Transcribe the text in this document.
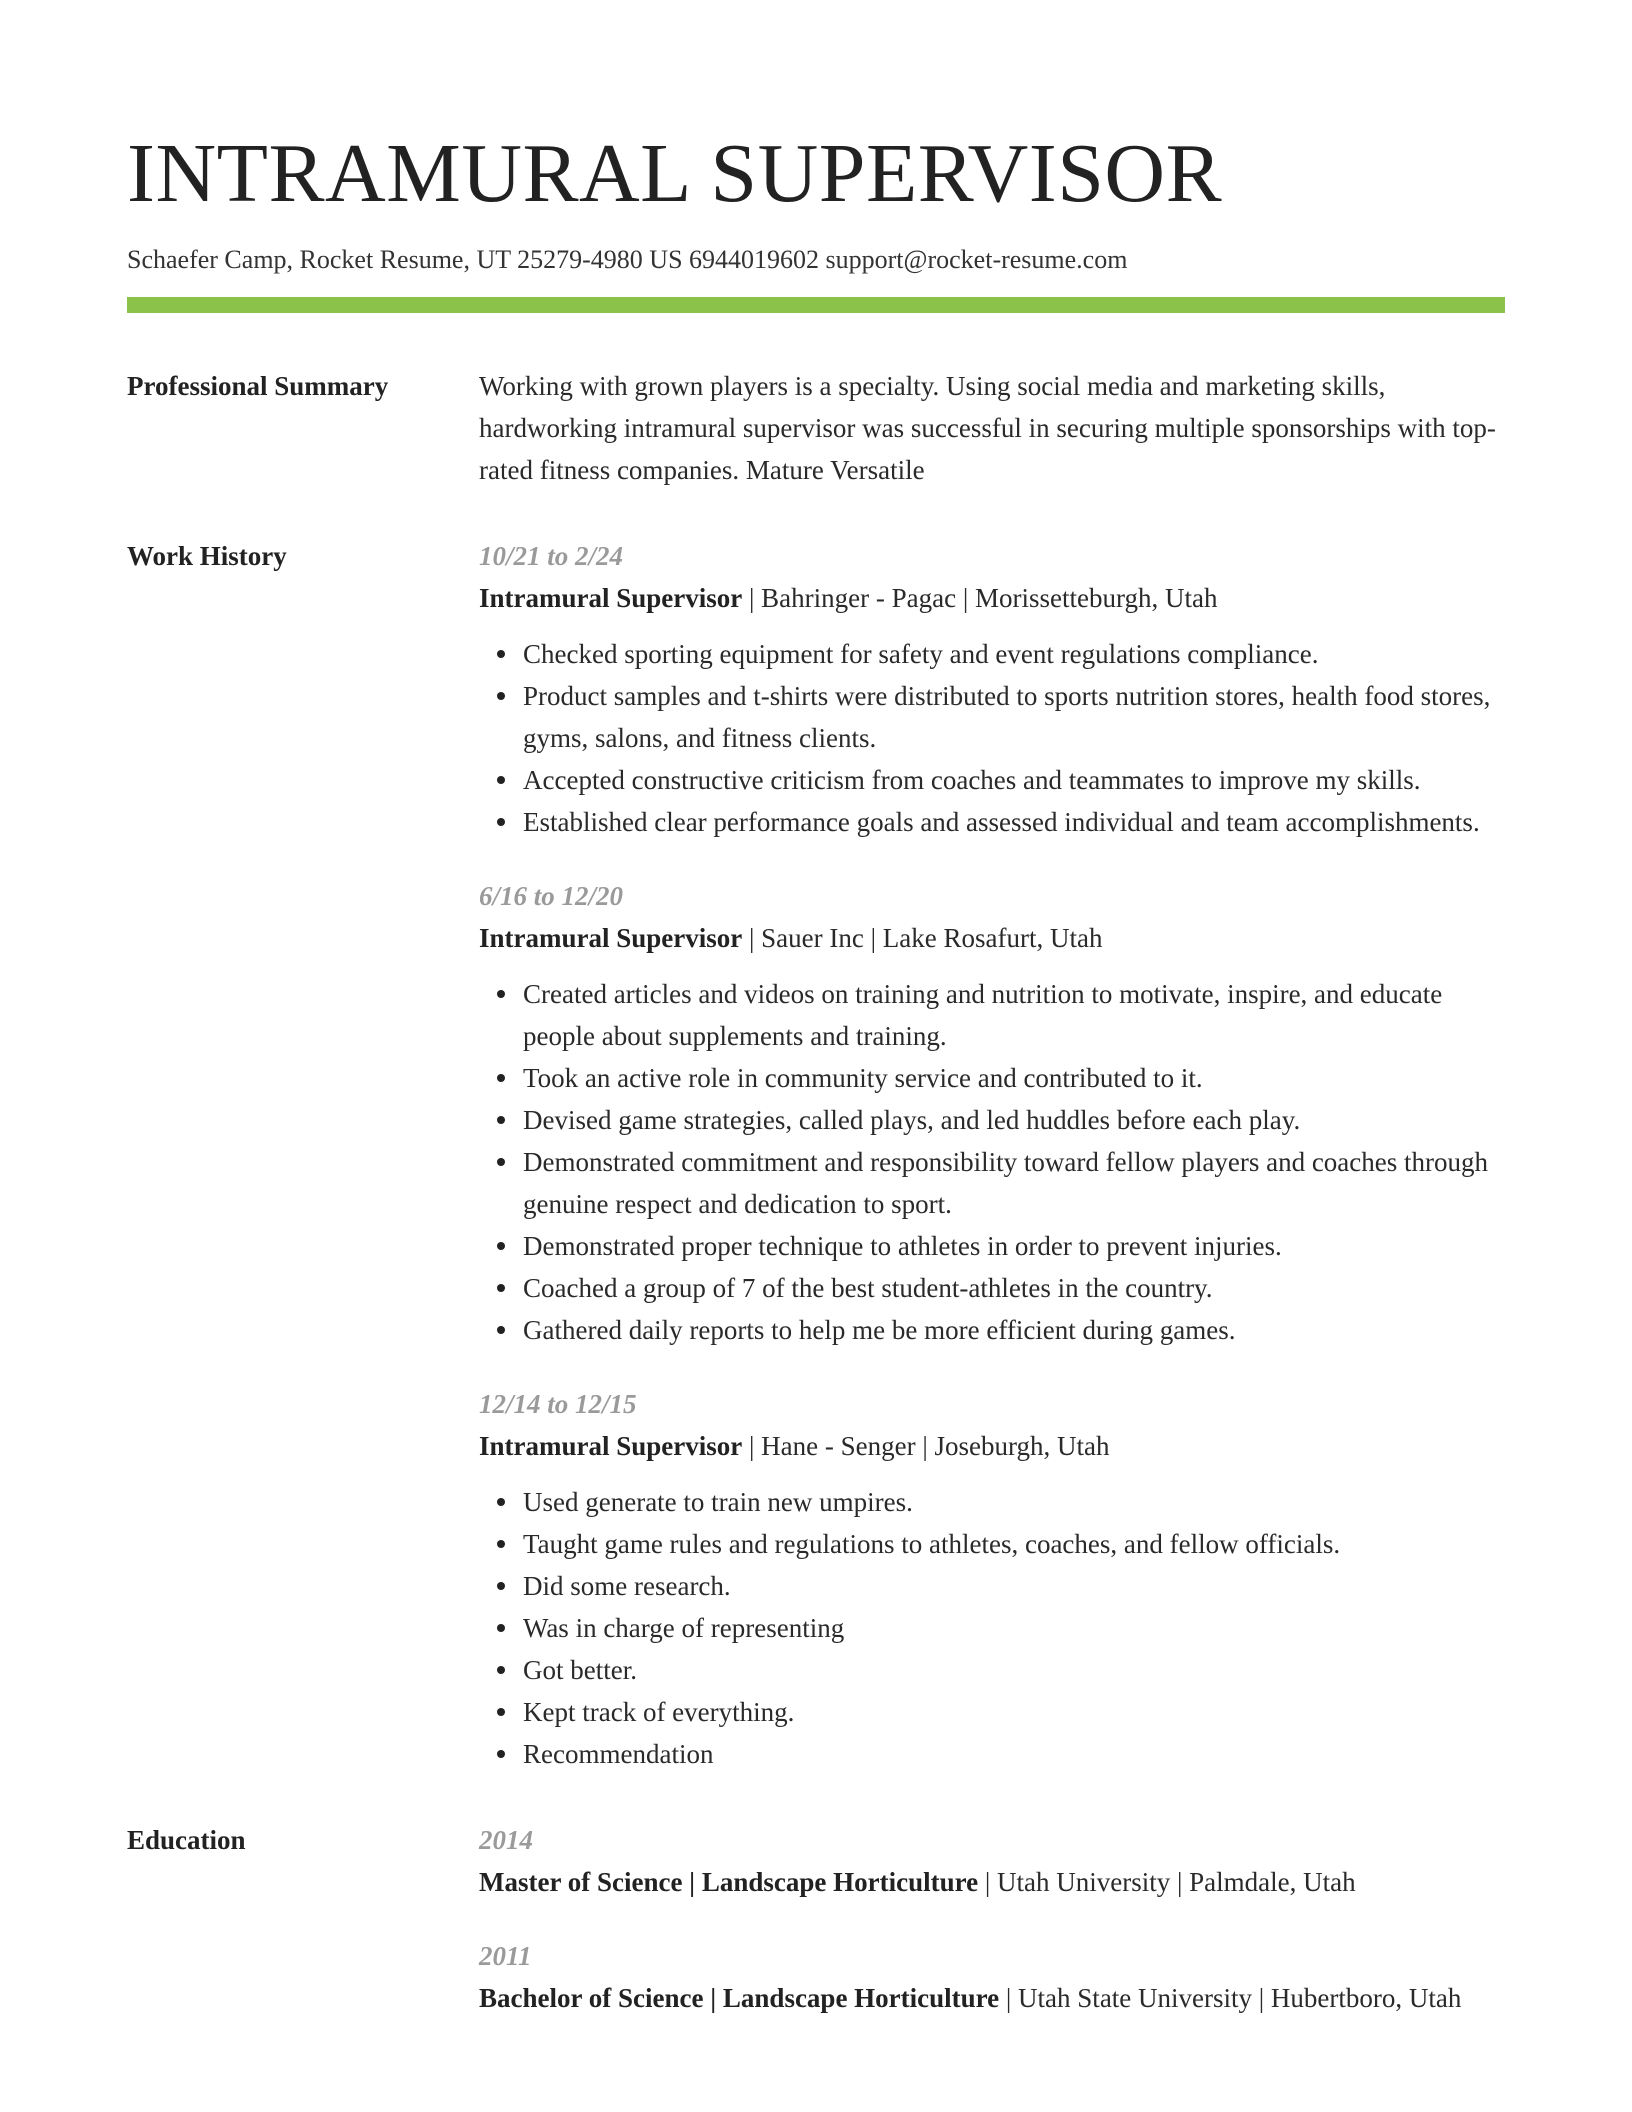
INTRAMURAL SUPERVISOR
Schaefer Camp, Rocket Resume, UT 25279-4980 US 6944019602 support@rocket-resume.com
Professional Summary	Working with grown players is a specialty. Using social media and marketing skills, hardworking intramural supervisor was successful in securing multiple sponsorships with top-rated fitness companies. Mature Versatile
Work History	10/21 to 2/24
Intramural Supervisor | Bahringer - Pagac | Morissetteburgh, Utah
Checked sporting equipment for safety and event regulations compliance.
Product samples and t-shirts were distributed to sports nutrition stores, health food stores, gyms, salons, and fitness clients.
Accepted constructive criticism from coaches and teammates to improve my skills.
Established clear performance goals and assessed individual and team accomplishments.
6/16 to 12/20
Intramural Supervisor | Sauer Inc | Lake Rosafurt, Utah
Created articles and videos on training and nutrition to motivate, inspire, and educate people about supplements and training.
Took an active role in community service and contributed to it.
Devised game strategies, called plays, and led huddles before each play.
Demonstrated commitment and responsibility toward fellow players and coaches through genuine respect and dedication to sport.
Demonstrated proper technique to athletes in order to prevent injuries.
Coached a group of 7 of the best student-athletes in the country.
Gathered daily reports to help me be more efficient during games.
12/14 to 12/15
Intramural Supervisor | Hane - Senger | Joseburgh, Utah
Used generate to train new umpires.
Taught game rules and regulations to athletes, coaches, and fellow officials.
Did some research.
Was in charge of representing
Got better.
Kept track of everything.
Recommendation
Education	2014
Master of Science | Landscape Horticulture | Utah University | Palmdale, Utah
2011
Bachelor of Science | Landscape Horticulture | Utah State University | Hubertboro, Utah
